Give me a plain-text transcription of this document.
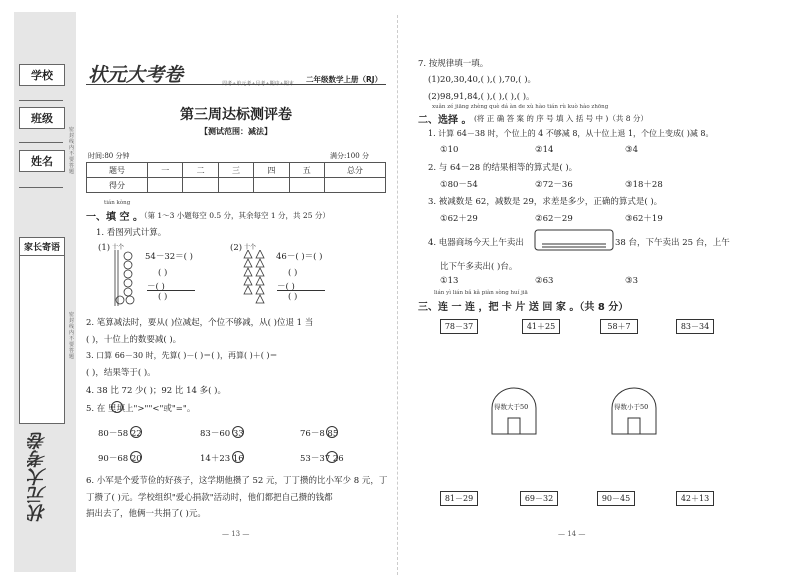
学校
班级
姓名
家长寄语
密封线内不要答题
密封线内不要答题
状元大考卷
状元大考卷	周考+单元考+月考+期中+期末 二年级数学上册（RJ）
第三周达标测评卷
【测试范围：减法】
时间:80 分钟	满分:100 分
题号	一	二	三	四	五	总分
得分						
tián kòng
一、填 空 。
（第 1～3 小题每空 0.5 分，其余每空 1 分，共 25 分）
1. 看图列式计算。
(1) 十个
54－32＝( )
( )
－( )
( )
(2) 十个
46－( )＝( )
( )
－( )
( )
2. 笔算减法时，要从( )位减起，个位不够减，从( )位退 1 当
( )，十位上的数要减( )。
3. 口算 66－30 时，先算( )－( )＝( )，再算( )＋( )＝
( )，结果等于( )。
4. 38 比 72 少( )；92 比 14 多( )。
5. 在 里填上">""<"或"="。
80－58 22	83－60 33	76－8 85
90－68 20	14＋23 16	53－37 26
6. 小军是个爱节俭的好孩子，这学期他攒了 52 元，丁丁攒的比小军少 8 元，丁
丁攒了( )元。学校组织"爱心捐款"活动时，他们都把自己攒的钱都
捐出去了，他俩一共捐了( )元。
— 13 —
7. 按规律填一填。
(1)20,30,40,( ),( ),70,( )。
(2)98,91,84,( ),( ),( ),( )。
xuǎn zé jiāng zhèng què dá àn de xù hào tián rù kuò hào zhōng
二、选择 。 (将 正 确 答 案 的 序 号 填 入 括 号 中 )（共 8 分）
1. 计算 64－38 时，个位上的 4 不够减 8，从十位上退 1，个位上变成( )减 8。
①10	②14	③4
2. 与 64－28 的结果相等的算式是( )。
①80－54	②72－36	③18＋28
3. 被减数是 62，减数是 29，求差是多少，正确的算式是( )。
①62＋29	②62－29	③62＋19
4. 电器商场今天上午卖出	38 台，下午卖出 25 台，上午
比下午多卖出( )台。
①13	②63	③3
lián yì lián bǎ kǎ piàn sòng huí jiā
三、连 一 连 ，把 卡 片 送 回 家 。（共 8 分）
78－37	41＋25	58＋7	83－34
得数大于50	得数小于50
81－29	69－32	90－45	42＋13
— 14 —
